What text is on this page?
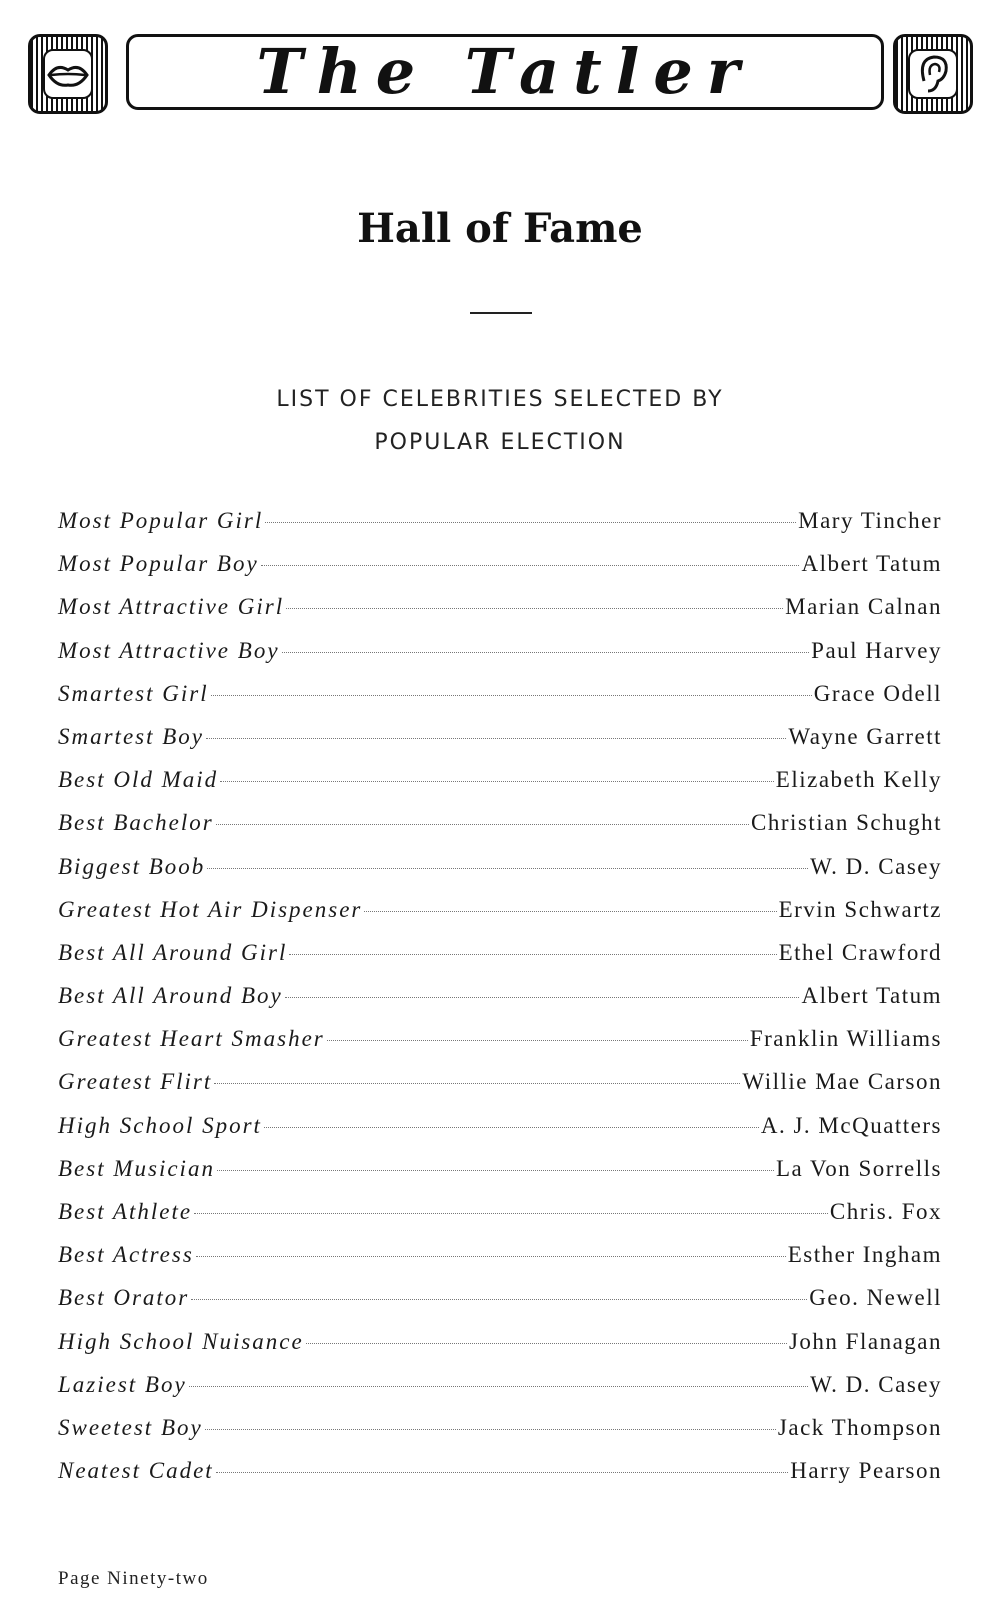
The Tatler
Hall of Fame
LIST OF CELEBRITIES SELECTED BY
POPULAR ELECTION
Most Popular Girl	Mary Tincher
Most Popular Boy	Albert Tatum
Most Attractive Girl	Marian Calnan
Most Attractive Boy	Paul Harvey
Smartest Girl	Grace Odell
Smartest Boy	Wayne Garrett
Best Old Maid	Elizabeth Kelly
Best Bachelor	Christian Schught
Biggest Boob	W. D. Casey
Greatest Hot Air Dispenser	Ervin Schwartz
Best All Around Girl	Ethel Crawford
Best All Around Boy	Albert Tatum
Greatest Heart Smasher	Franklin Williams
Greatest Flirt	Willie Mae Carson
High School Sport	A. J. McQuatters
Best Musician	La Von Sorrells
Best Athlete	Chris. Fox
Best Actress	Esther Ingham
Best Orator	Geo. Newell
High School Nuisance	John Flanagan
Laziest Boy	W. D. Casey
Sweetest Boy	Jack Thompson
Neatest Cadet	Harry Pearson
Page Ninety-two
